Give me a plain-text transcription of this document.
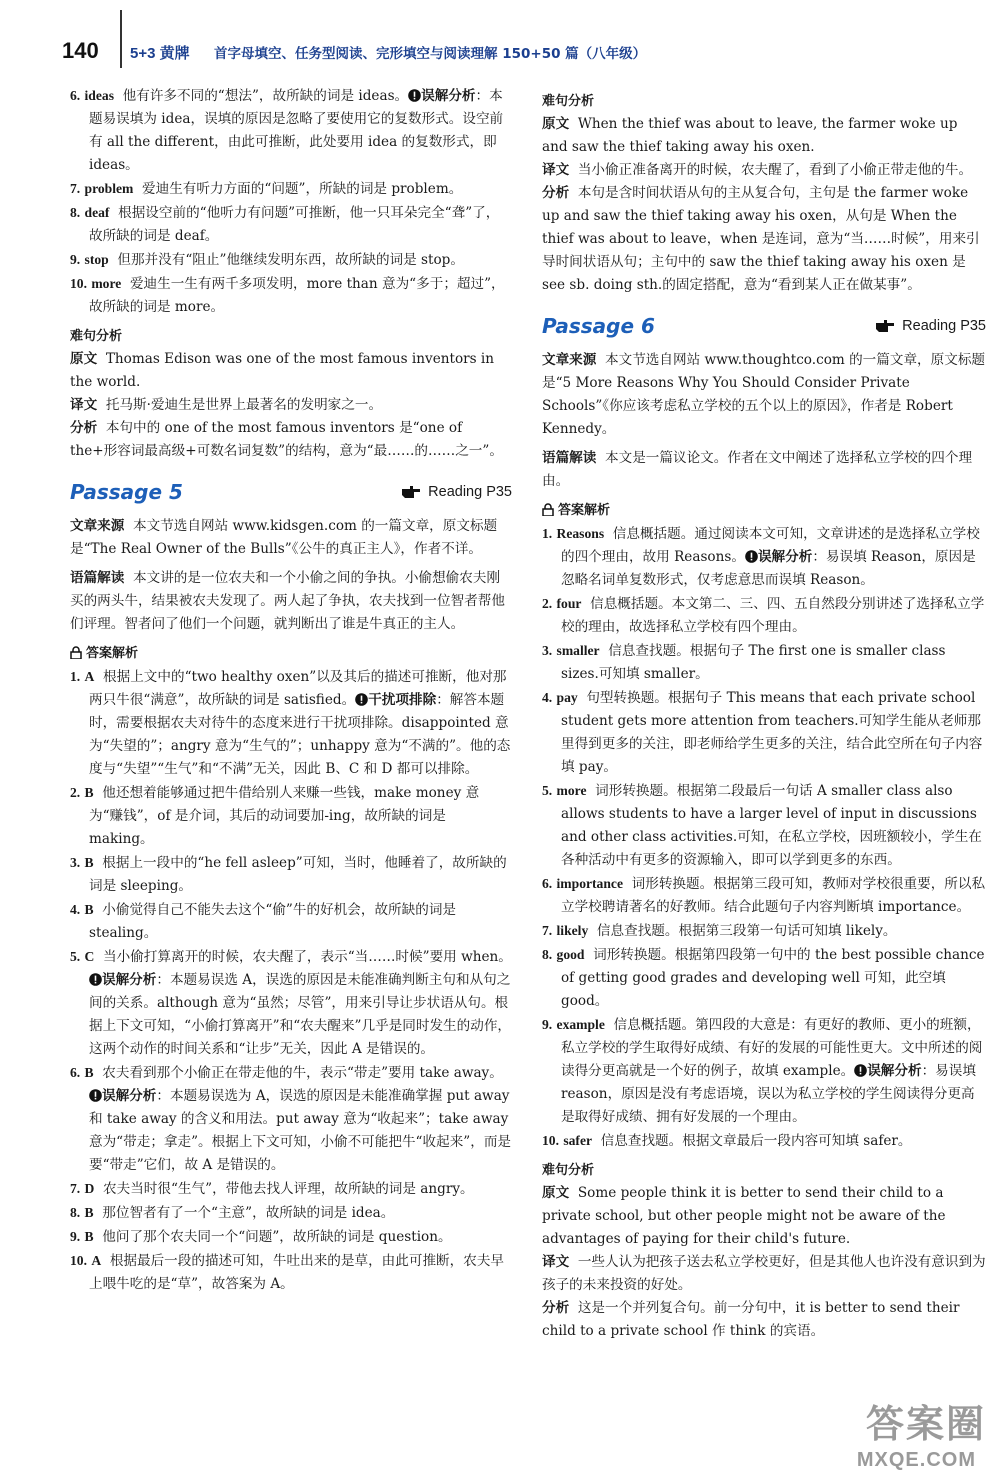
140 5+3 黄牌 首字母填空、任务型阅读、完形填空与阅读理解 150+50 篇（八年级）

6. ideas 他有许多不同的“想法”，故所缺的词是 ideas。 误解分析：本题易误填为 idea，误填的原因是忽略了要使用它的复数形式。设空前有 all the different，由此可推断，此处要用 idea 的复数形式，即 ideas。

7. problem 爱迪生有听力方面的“问题”，所缺的词是 problem。

8. deaf 根据设空前的“他听力有问题”可推断，他一只耳朵完全“聋”了，故所缺的词是 deaf。

9. stop 但那并没有“阻止”他继续发明东西，故所缺的词是 stop。

10. more 爱迪生一生有两千多项发明，more than 意为“多于；超过”，故所缺的词是 more。

难句分析

原文 Thomas Edison was one of the most famous inventors in the world.

译文 托马斯·爱迪生是世界上最著名的发明家之一。

分析 本句中的 one of the most famous inventors 是“one of the+形容词最高级+可数名词复数”的结构，意为“最……的……之一”。

Passage 5	Reading P35

文章来源 本文节选自网站 www.kidsgen.com 的一篇文章，原文标题是“The Real Owner of the Bulls”《公牛的真正主人》，作者不详。

语篇解读 本文讲的是一位农夫和一个小偷之间的争执。小偷想偷农夫刚买的两头牛，结果被农夫发现了。两人起了争执，农夫找到一位智者帮他们评理。智者问了他们一个问题，就判断出了谁是牛真正的主人。

答案解析

1. A 根据上文中的“two healthy oxen”以及其后的描述可推断，他对那两只牛很“满意”，故所缺的词是 satisfied。 干扰项排除：解答本题时，需要根据农夫对待牛的态度来进行干扰项排除。disappointed 意为“失望的”；angry 意为“生气的”；unhappy 意为“不满的”。他的态度与“失望”“生气”和“不满”无关，因此 B、C 和 D 都可以排除。

2. B 他还想着能够通过把牛借给别人来赚一些钱，make money 意为“赚钱”，of 是介词，其后的动词要加-ing，故所缺的词是 making。

3. B 根据上一段中的“he fell asleep”可知，当时，他睡着了，故所缺的词是 sleeping。

4. B 小偷觉得自己不能失去这个“偷”牛的好机会，故所缺的词是 stealing。

5. C 当小偷打算离开的时候，农夫醒了，表示“当……时候”要用 when。误解分析：本题易误选 A，误选的原因是未能准确判断主句和从句之间的关系。although 意为“虽然；尽管”，用来引导让步状语从句。根据上下文可知，“小偷打算离开”和“农夫醒来”几乎是同时发生的动作，这两个动作的时间关系和“让步”无关，因此 A 是错误的。

6. B 农夫看到那个小偷正在带走他的牛，表示“带走”要用 take away。误解分析：本题易误选为 A，误选的原因是未能准确掌握 put away 和 take away 的含义和用法。put away 意为“收起来”；take away 意为“带走；拿走”。根据上下文可知，小偷不可能把牛“收起来”，而是要“带走”它们，故 A 是错误的。

7. D 农夫当时很“生气”，带他去找人评理，故所缺的词是 angry。

8. B 那位智者有了一个“主意”，故所缺的词是 idea。

9. B 他问了那个农夫同一个“问题”，故所缺的词是 question。

10. A 根据最后一段的描述可知，牛吐出来的是草，由此可推断，农夫早上喂牛吃的是“草”，故答案为 A。

难句分析

原文 When the thief was about to leave, the farmer woke up and saw the thief taking away his oxen.

译文 当小偷正准备离开的时候，农夫醒了，看到了小偷正带走他的牛。

分析 本句是含时间状语从句的主从复合句，主句是 the farmer woke up and saw the thief taking away his oxen，从句是 When the thief was about to leave，when 是连词，意为“当……时候”，用来引导时间状语从句；主句中的 saw the thief taking away his oxen 是 see sb. doing sth.的固定搭配，意为“看到某人正在做某事”。

Passage 6	Reading P35

文章来源 本文节选自网站 www.thoughtco.com 的一篇文章，原文标题是“5 More Reasons Why You Should Consider Private Schools”《你应该考虑私立学校的五个以上的原因》，作者是 Robert Kennedy。

语篇解读 本文是一篇议论文。作者在文中阐述了选择私立学校的四个理由。

答案解析

1. Reasons 信息概括题。通过阅读本文可知，文章讲述的是选择私立学校的四个理由，故用 Reasons。 误解分析：易误填 Reason，原因是忽略名词单复数形式，仅考虑意思而误填 Reason。

2. four 信息概括题。本文第二、三、四、五自然段分别讲述了选择私立学校的理由，故选择私立学校有四个理由。

3. smaller 信息查找题。根据句子 The first one is smaller class sizes.可知填 smaller。

4. pay 句型转换题。根据句子 This means that each private school student gets more attention from teachers.可知学生能从老师那里得到更多的关注，即老师给学生更多的关注，结合此空所在句子内容填 pay。

5. more 词形转换题。根据第二段最后一句话 A smaller class also allows students to have a larger level of input in discussions and other class activities.可知，在私立学校，因班额较小，学生在各种活动中有更多的资源输入，即可以学到更多的东西。

6. importance 词形转换题。根据第三段可知，教师对学校很重要，所以私立学校聘请著名的好教师。结合此题句子内容判断填 importance。

7. likely 信息查找题。根据第三段第一句话可知填 likely。

8. good 词形转换题。根据第四段第一句中的 the best possible chance of getting good grades and developing well 可知，此空填 good。

9. example 信息概括题。第四段的大意是：有更好的教师、更小的班额，私立学校的学生取得好成绩、有好的发展的可能性更大。文中所述的阅读得分更高就是一个好的例子，故填 example。 误解分析：易误填 reason，原因是没有考虑语境，误以为私立学校的学生阅读得分更高是取得好成绩、拥有好发展的一个理由。

10. safer 信息查找题。根据文章最后一段内容可知填 safer。

难句分析

原文 Some people think it is better to send their child to a private school, but other people might not be aware of the advantages of paying for their child's future.

译文 一些人认为把孩子送去私立学校更好，但是其他人也许没有意识到为孩子的未来投资的好处。

分析 这是一个并列复合句。前一分句中，it is better to send their child to a private school 作 think 的宾语。

答案圈
MXQE.COM
